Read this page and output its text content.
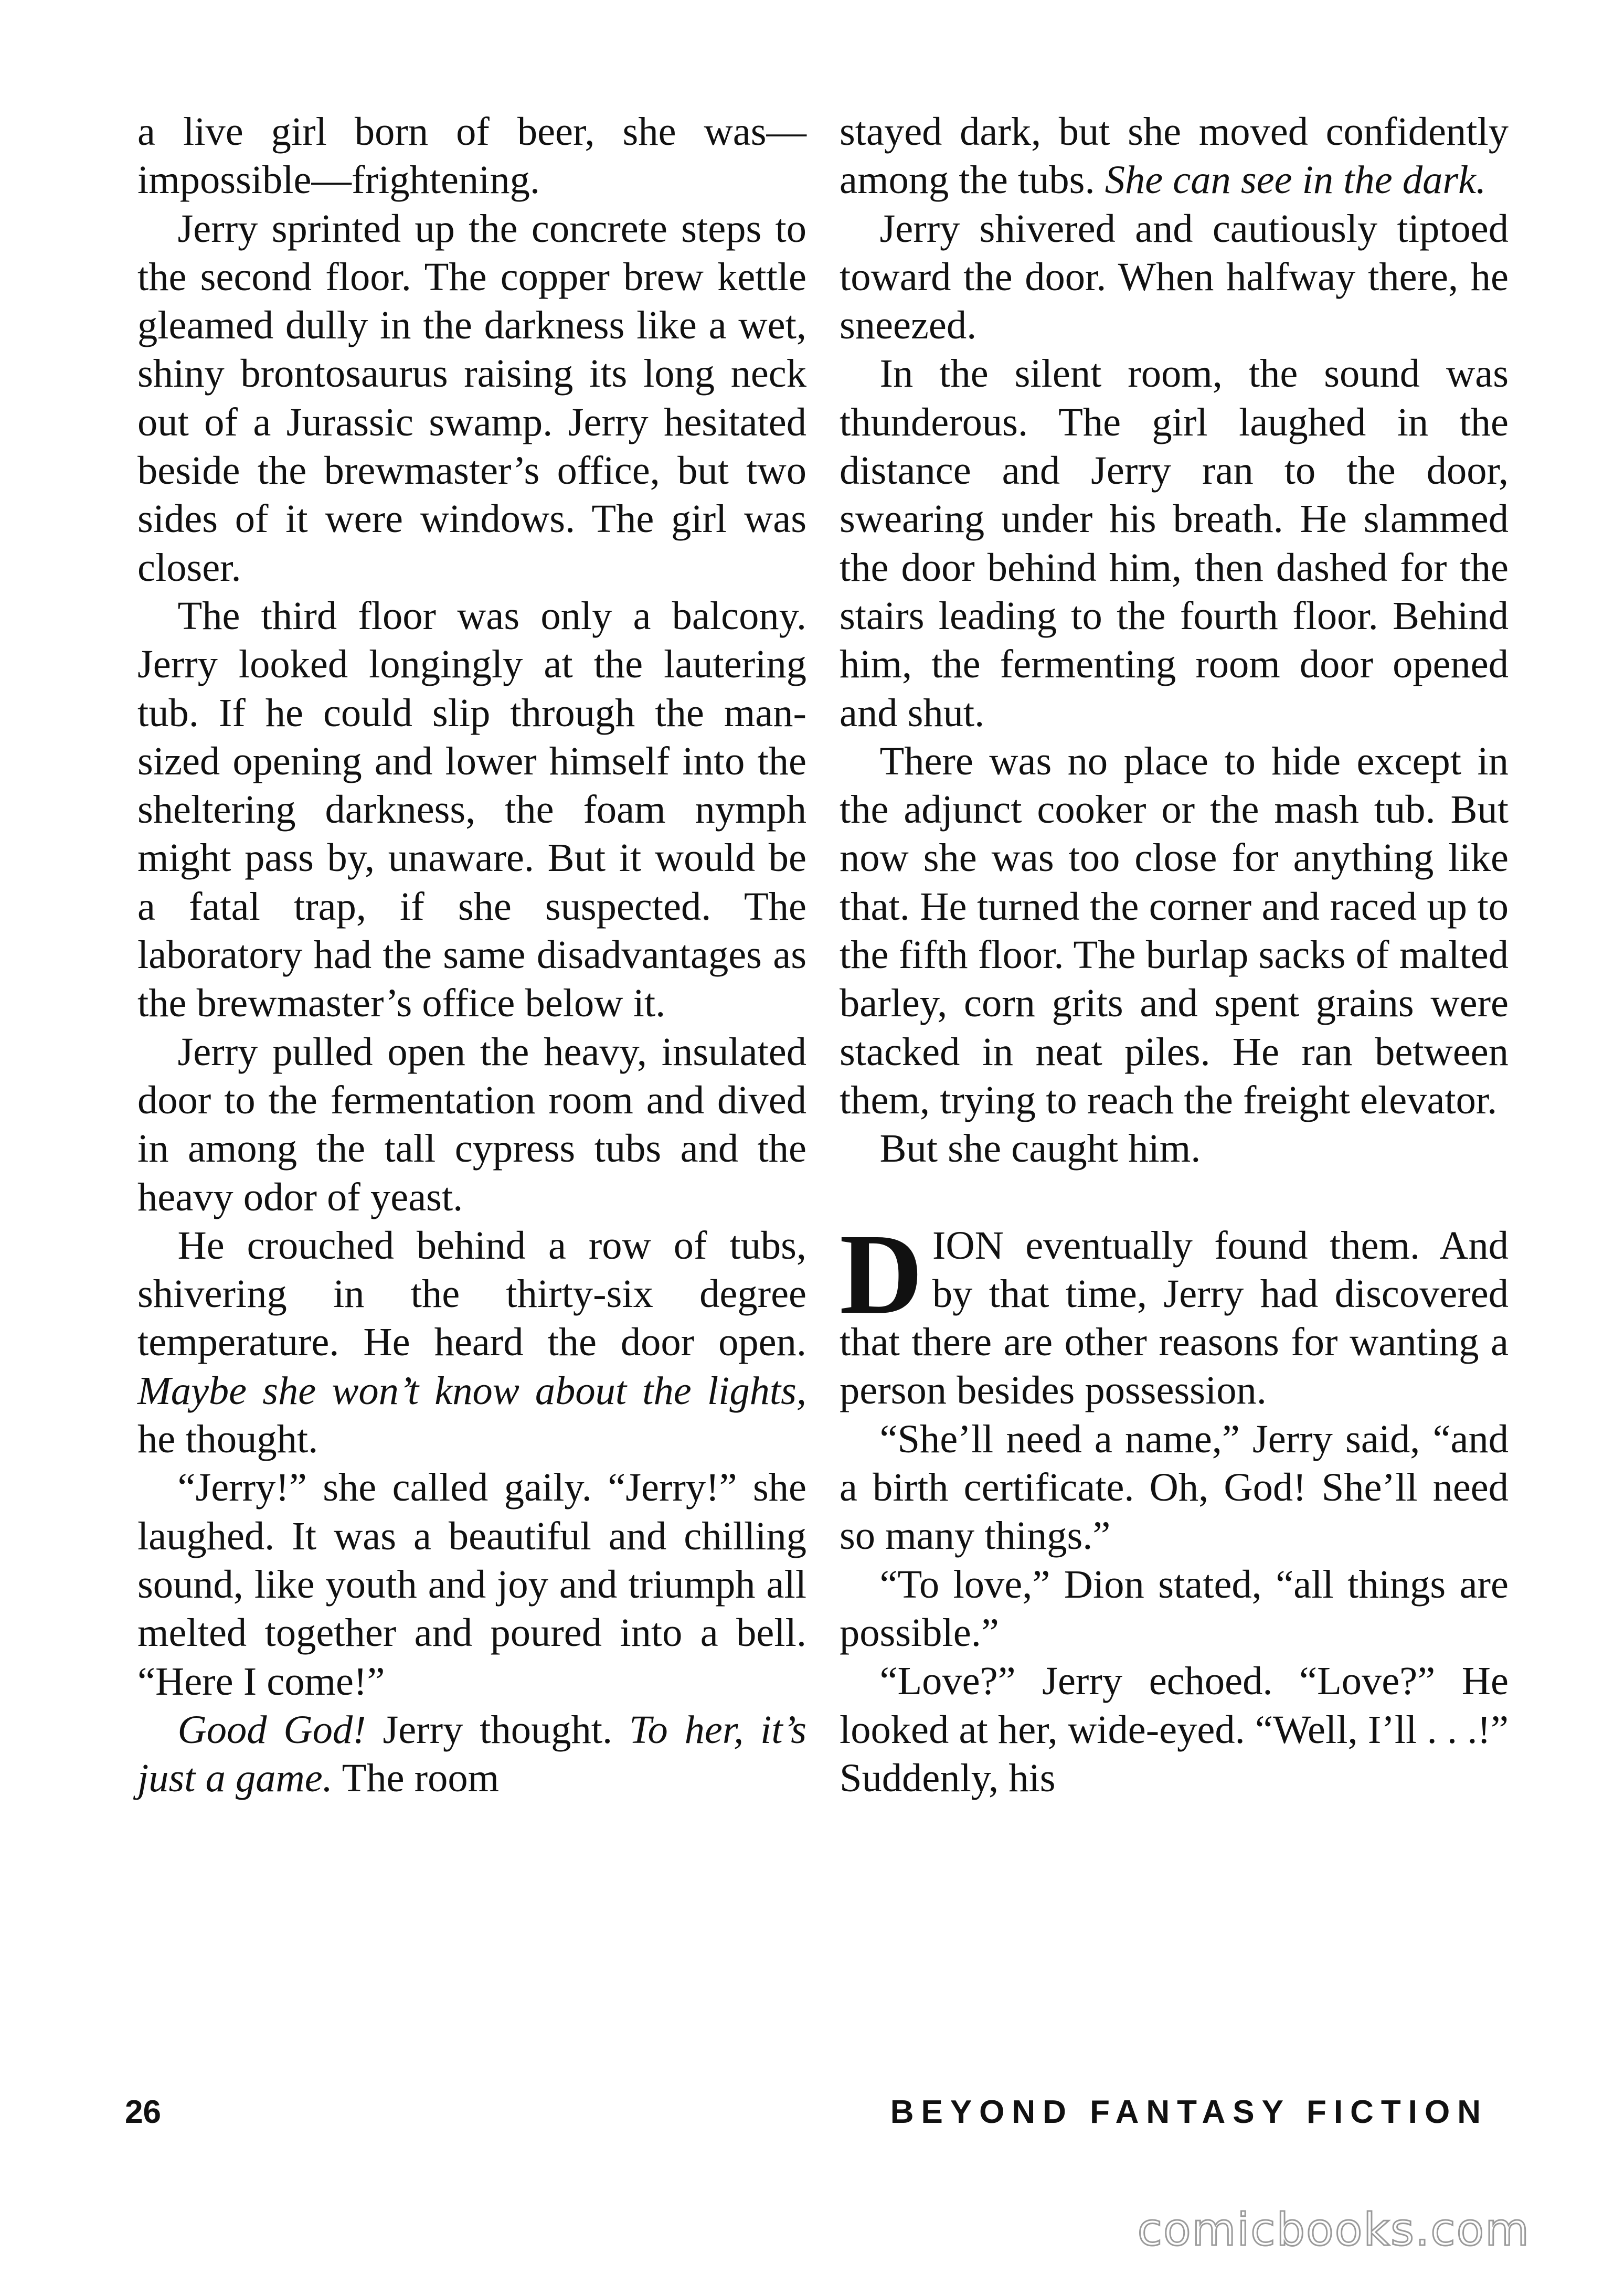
a live girl born of beer, she was—impossible—frightening.

Jerry sprinted up the concrete steps to the second floor. The copper brew kettle gleamed dully in the darkness like a wet, shiny brontosaurus raising its long neck out of a Jurassic swamp. Jerry hesitated beside the brewmaster’s office, but two sides of it were windows. The girl was closer.

The third floor was only a balcony. Jerry looked longingly at the lautering tub. If he could slip through the man-sized opening and lower himself into the sheltering darkness, the foam nymph might pass by, unaware. But it would be a fatal trap, if she suspected. The laboratory had the same disadvantages as the brewmaster’s office below it.

Jerry pulled open the heavy, insulated door to the fermentation room and dived in among the tall cypress tubs and the heavy odor of yeast.

He crouched behind a row of tubs, shivering in the thirty-six degree temperature. He heard the door open. Maybe she won’t know about the lights, he thought.

“Jerry!” she called gaily. “Jerry!” she laughed. It was a beautiful and chilling sound, like youth and joy and triumph all melted together and poured into a bell. “Here I come!”

Good God! Jerry thought. To her, it’s just a game. The room

stayed dark, but she moved confidently among the tubs. She can see in the dark.

Jerry shivered and cautiously tiptoed toward the door. When halfway there, he sneezed.

In the silent room, the sound was thunderous. The girl laughed in the distance and Jerry ran to the door, swearing under his breath. He slammed the door behind him, then dashed for the stairs leading to the fourth floor. Behind him, the fermenting room door opened and shut.

There was no place to hide except in the adjunct cooker or the mash tub. But now she was too close for anything like that. He turned the corner and raced up to the fifth floor. The burlap sacks of malted barley, corn grits and spent grains were stacked in neat piles. He ran between them, trying to reach the freight elevator.

But she caught him.

DION eventually found them. And by that time, Jerry had discovered that there are other reasons for wanting a person besides possession.

“She’ll need a name,” Jerry said, “and a birth certificate. Oh, God! She’ll need so many things.”

“To love,” Dion stated, “all things are possible.”

“Love?” Jerry echoed. “Love?” He looked at her, wide-eyed. “Well, I’ll . . .!” Suddenly, his

26	BEYOND FANTASY FICTION
comicbooks.com
